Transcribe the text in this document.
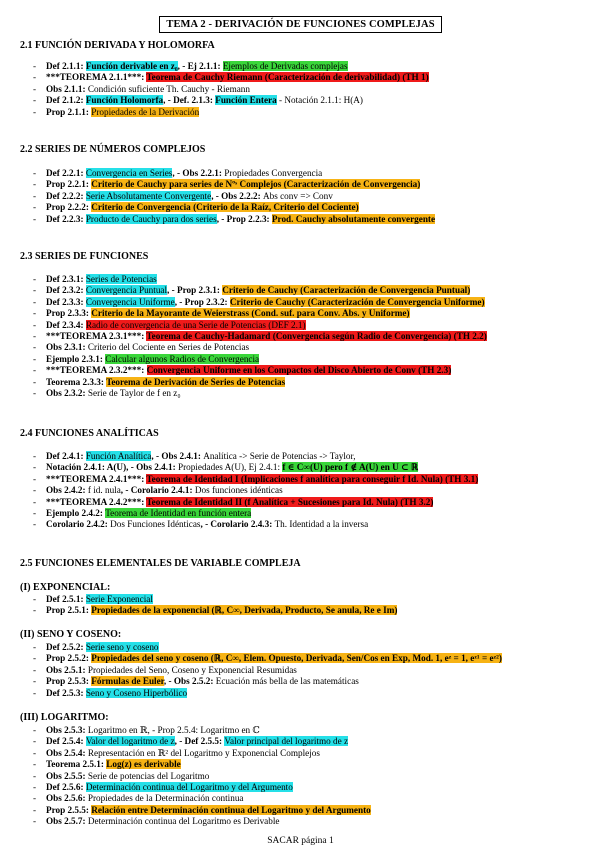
TEMA 2 - DERIVACIÓN DE FUNCIONES COMPLEJAS
2.1 FUNCIÓN DERIVADA Y HOLOMORFA
- Def 2.1.1: Función derivable en z₀, - Ej 2.1.1: Ejemplos de Derivadas complejas
- ***TEOREMA 2.1.1***: Teorema de Cauchy Riemann (Caracterización de derivabilidad) (TH 1)
- Obs 2.1.1: Condición suficiente Th. Cauchy - Riemann
- Def 2.1.2: Función Holomorfa, - Def. 2.1.3: Función Entera - Notación 2.1.1: H(A)
- Prop 2.1.1: Propiedades de la Derivación
2.2 SERIES DE NÚMEROS COMPLEJOS
- Def 2.2.1: Convergencia en Series, - Obs 2.2.1: Propiedades Convergencia
- Prop 2.2.1: Criterio de Cauchy para series de Nºˢ Complejos (Caracterización de Convergencia)
- Def 2.2.2: Serie Absolutamente Convergente, - Obs 2.2.2: Abs conv => Conv
- Prop 2.2.2: Criterio de Convergencia (Criterio de la Raíz, Criterio del Cociente)
- Def 2.2.3: Producto de Cauchy para dos series, - Prop 2.2.3: Prod. Cauchy absolutamente convergente
2.3 SERIES DE FUNCIONES
- Def 2.3.1: Series de Potencias
- Def 2.3.2: Convergencia Puntual, - Prop 2.3.1: Criterio de Cauchy (Caracterización de Convergencia Puntual)
- Def 2.3.3: Convergencia Uniforme, - Prop 2.3.2: Criterio de Cauchy (Caracterización de Convergencia Uniforme)
- Prop 2.3.3: Criterio de la Mayorante de Weierstrass (Cond. suf. para Conv. Abs. y Uniforme)
- Def 2.3.4: Radio de convergencia de una Serie de Potencias (DEF 2.1)
- ***TEOREMA 2.3.1***: Teorema de Cauchy-Hadamard (Convergencia según Radio de Convergencia) (TH 2.2)
- Obs 2.3.1: Criterio del Cociente en Series de Potencias
- Ejemplo 2.3.1: Calcular algunos Radios de Convergencia
- ***TEOREMA 2.3.2***: Convergencia Uniforme en los Compactos del Disco Abierto de Conv (TH 2.3)
- Teorema 2.3.3: Teorema de Derivación de Series de Potencias
- Obs 2.3.2: Serie de Taylor de f en z₀
2.4 FUNCIONES ANALÍTICAS
- Def 2.4.1: Función Analítica, - Obs 2.4.1: Analítica -> Serie de Potencias -> Taylor,
- Notación 2.4.1: A(U), - Obs 2.4.1: Propiedades A(U), Ej 2.4.1: f ∈ C∞(U) pero f ∉ A(U) en U ⊂ ℝ
- ***TEOREMA 2.4.1***: Teorema de Identidad I (Implicaciones f analítica para conseguir f Id. Nula) (TH 3.1)
- Obs 2.4.2: f id. nula, - Corolario 2.4.1: Dos funciones idénticas
- ***TEOREMA 2.4.2***: Teorema de Identidad II (f Analítica + Sucesiones para Id. Nula) (TH 3.2)
- Ejemplo 2.4.2: Teorema de Identidad en función entera
- Corolario 2.4.2: Dos Funciones Idénticas, - Corolario 2.4.3: Th. Identidad a la inversa
2.5 FUNCIONES ELEMENTALES DE VARIABLE COMPLEJA
(I) EXPONENCIAL:
- Def 2.5.1: Serie Exponencial
- Prop 2.5.1: Propiedades de la exponencial (ℝ, C∞, Derivada, Producto, Se anula, Re e Im)
(II) SENO Y COSENO:
- Def 2.5.2: Serie seno y coseno
- Prop 2.5.2: Propiedades del seno y coseno (ℝ, C∞, Elem. Opuesto, Derivada, Sen/Cos en Exp, Mod. 1, eᶻ = 1, eᶻ¹ = eᶻ²)
- Obs 2.5.1: Propiedades del Seno, Coseno y Exponencial Resumidas
- Prop 2.5.3: Fórmulas de Euler, - Obs 2.5.2: Ecuación más bella de las matemáticas
- Def 2.5.3: Seno y Coseno Hiperbólico
(III) LOGARITMO:
- Obs 2.5.3: Logaritmo en ℝ, - Prop 2.5.4: Logaritmo en ℂ
- Def 2.5.4: Valor del logaritmo de z, - Def 2.5.5: Valor principal del logaritmo de z
- Obs 2.5.4: Representación en ℝ² del Logaritmo y Exponencial Complejos
- Teorema 2.5.1: Log(z) es derivable
- Obs 2.5.5: Serie de potencias del Logaritmo
- Def 2.5.6: Determinación continua del Logaritmo y del Argumento
- Obs 2.5.6: Propiedades de la Determinación continua
- Prop 2.5.5: Relación entre Determinación continua del Logaritmo y del Argumento
- Obs 2.5.7: Determinación continua del Logaritmo es Derivable
SACAR página 1
